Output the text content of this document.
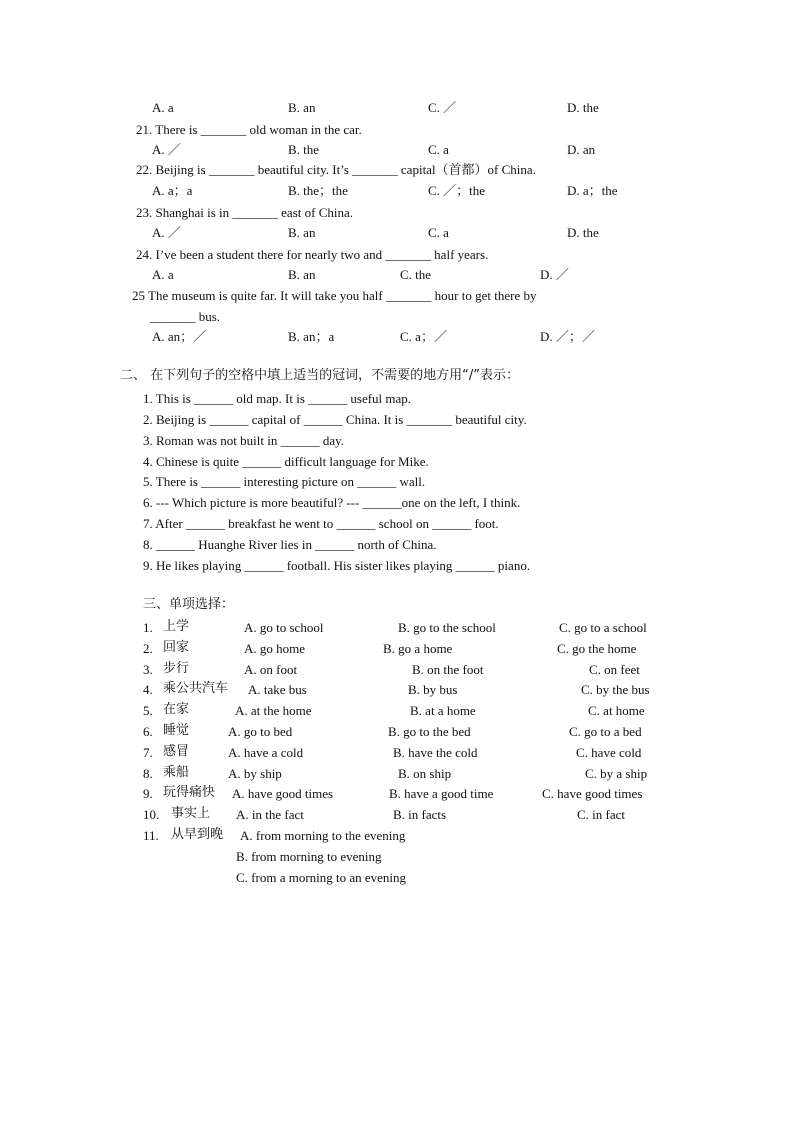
A. a	B. an	C. ／	D. the
21. There is _______ old woman in the car.
A. ／	B. the	C. a	D. an
22. Beijing is _______ beautiful city. It’s _______ capital（首都）of China.
A. a；a	B. the；the	C. ／；the	D. a；the
23. Shanghai is in _______ east of China.
A. ／	B. an	C. a	D. the
24. I’ve been a student there for nearly two and _______ half years.
A. a	B. an	C. the	D. ／
25 The museum is quite far. It will take you half _______ hour to get there by
_______ bus.
A. an；／	B. an；a	C. a；／	D. ／；／
二、 在下列句子的空格中填上适当的冠词，不需要的地方用“/”表示：
1. This is ______ old map. It is ______ useful map.
2. Beijing is ______ capital of ______ China. It is _______ beautiful city.
3. Roman was not built in ______ day.
4. Chinese is quite ______ difficult language for Mike.
5. There is ______ interesting picture on ______ wall.
6. --- Which picture is more beautiful? --- ______one on the left, I think.
7. After ______ breakfast he went to ______ school on ______ foot.
8. ______ Huanghe River lies in ______ north of China.
9. He likes playing ______ football. His sister likes playing ______ piano.
三、单项选择：
1. 上学	A. go to school	B. go to the school	C. go to a school
2. 回家	A. go home	B. go a home	C. go the home
3. 步行	A. on foot	B. on the foot	C. on feet
4. 乘公共汽车 A. take bus	B. by bus	C. by the bus
5. 在家	A. at the home	B. at a home	C. at home
6. 睡觉	A. go to bed	B. go to the bed	C. go to a bed
7. 感冒	A. have a cold	B. have the cold	C. have cold
8. 乘船	A. by ship	B. on ship	C. by a ship
9. 玩得痛快 A. have good times	B. have a good time	C. have good times
10. 事实上 A. in the fact	B. in facts	C. in fact
11. 从早到晚 A. from morning to the evening
B. from morning to evening
C. from a morning to an evening
